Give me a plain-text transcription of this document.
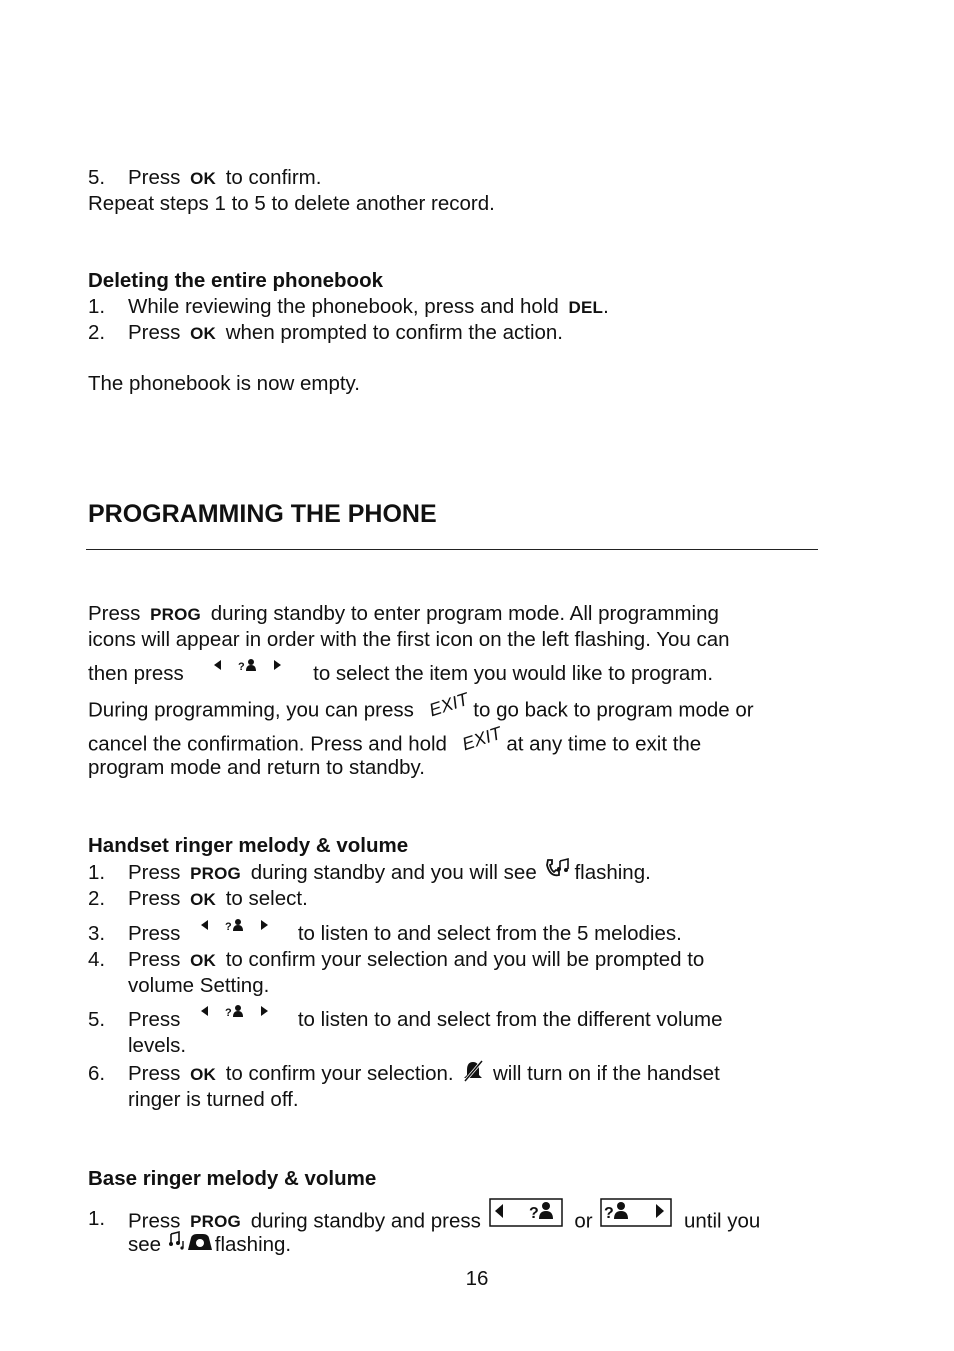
5. Press OK to confirm.
Repeat steps 1 to 5 to delete another record.
Deleting the entire phonebook
1. While reviewing the phonebook, press and hold DEL.
2. Press OK when prompted to confirm the action.
The phonebook is now empty.
PROGRAMMING THE PHONE
Press PROG during standby to enter program mode. All programming
icons will appear in order with the first icon on the left flashing. You can
then press	?	to select the item you would like to program.
During programming, you can press EXIT to go back to program mode or
cancel the confirmation. Press and hold EXIT at any time to exit the
program mode and return to standby.
Handset ringer melody & volume
1. Press PROG during standby and you will see flashing.
2. Press OK to select.
3. Press	?	to listen to and select from the 5 melodies.
4. Press OK to confirm your selection and you will be prompted to
volume Setting.
5. Press	?	to listen to and select from the different volume
levels.
6. Press OK to confirm your selection. will turn on if the handset
ringer is turned off.
Base ringer melody & volume
1. Press PROG during standby and press	? or ?	until you
see	flashing.
16
